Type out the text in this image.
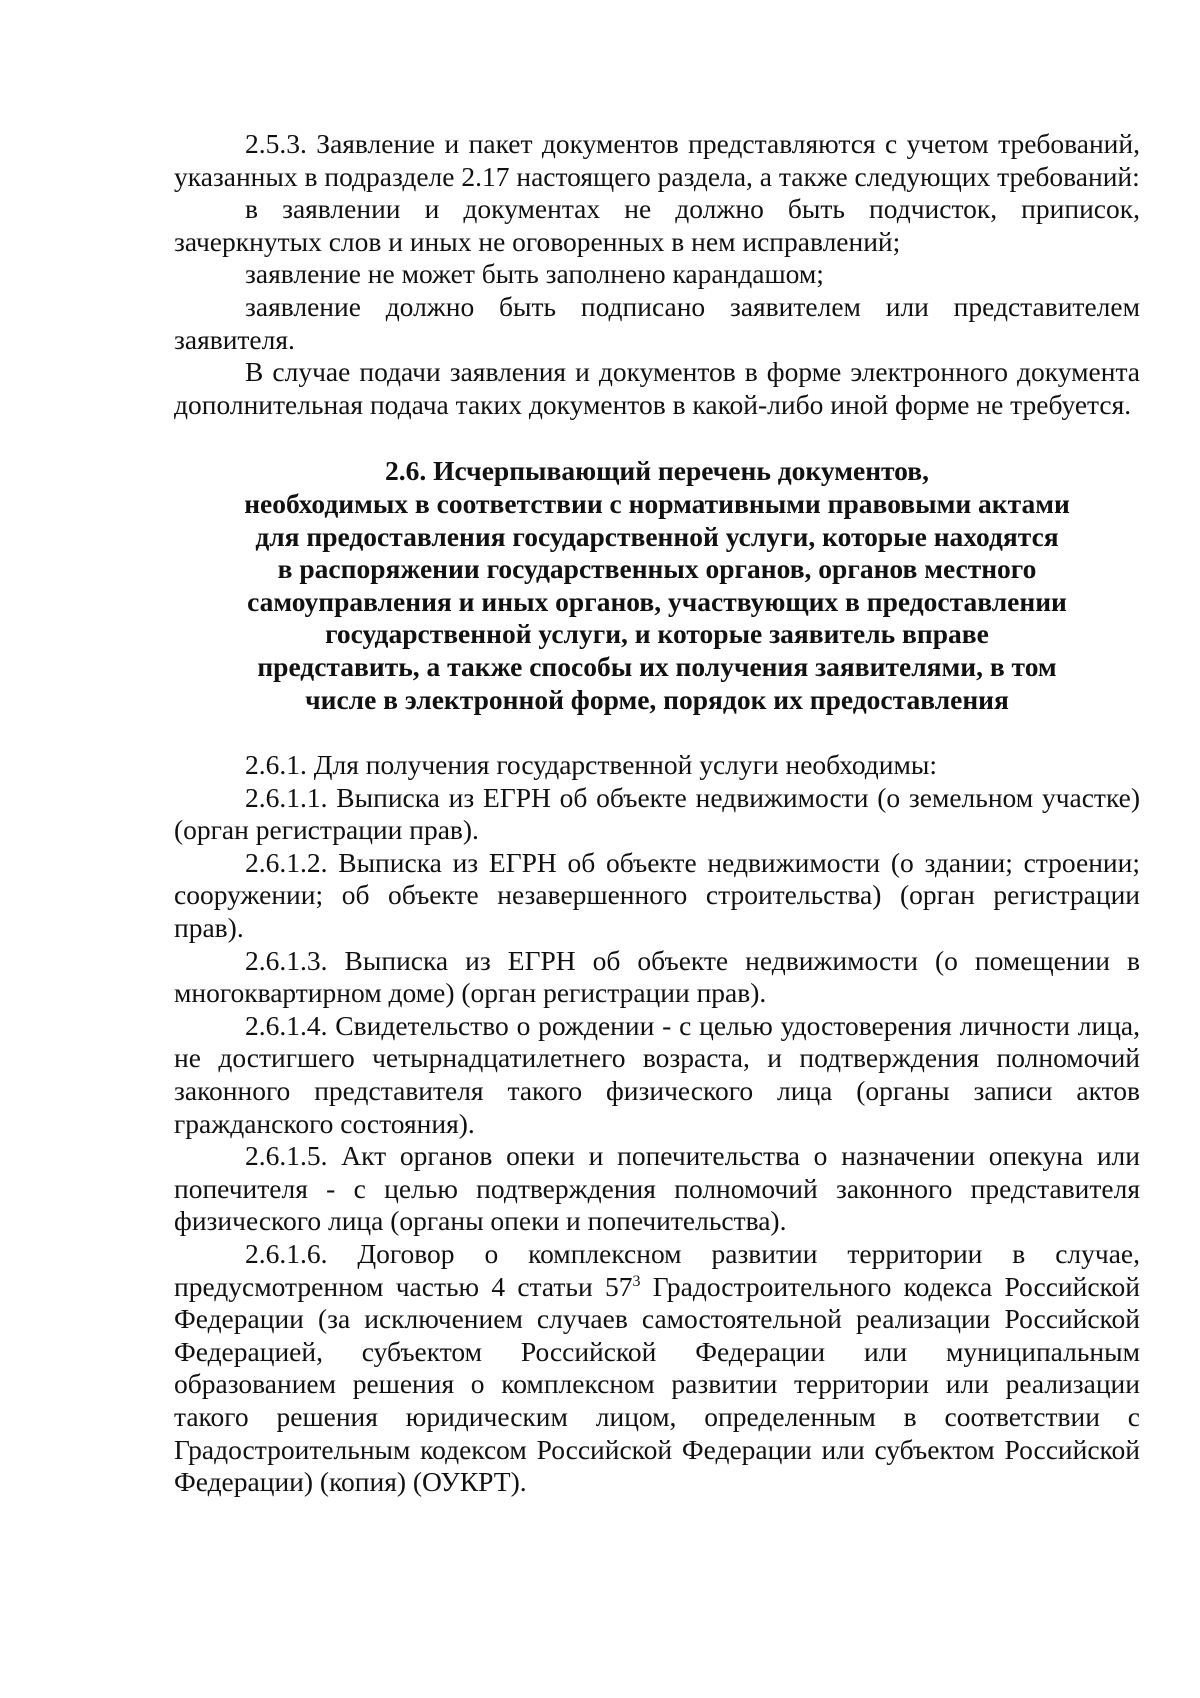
2.5.3. Заявление и пакет документов представляются с учетом требований, указанных в подразделе 2.17 настоящего раздела, а также следующих требований:

в заявлении и документах не должно быть подчисток, приписок, зачеркнутых слов и иных не оговоренных в нем исправлений;

заявление не может быть заполнено карандашом;

заявление должно быть подписано заявителем или представителем заявителя.

В случае подачи заявления и документов в форме электронного документа дополнительная подача таких документов в какой-либо иной форме не требуется.

2.6. Исчерпывающий перечень документов,
необходимых в соответствии с нормативными правовыми актами
для предоставления государственной услуги, которые находятся
в распоряжении государственных органов, органов местного
самоуправления и иных органов, участвующих в предоставлении
государственной услуги, и которые заявитель вправе
представить, а также способы их получения заявителями, в том
числе в электронной форме, порядок их предоставления

2.6.1. Для получения государственной услуги необходимы:

2.6.1.1. Выписка из ЕГРН об объекте недвижимости (о земельном участке) (орган регистрации прав).

2.6.1.2. Выписка из ЕГРН об объекте недвижимости (о здании; строении; сооружении; об объекте незавершенного строительства) (орган регистрации прав).

2.6.1.3. Выписка из ЕГРН об объекте недвижимости (о помещении в многоквартирном доме) (орган регистрации прав).

2.6.1.4. Свидетельство о рождении - с целью удостоверения личности лица, не достигшего четырнадцатилетнего возраста, и подтверждения полномочий законного представителя такого физического лица (органы записи актов гражданского состояния).

2.6.1.5. Акт органов опеки и попечительства о назначении опекуна или попечителя - с целью подтверждения полномочий законного представителя физического лица (органы опеки и попечительства).

2.6.1.6. Договор о комплексном развитии территории в случае, предусмотренном частью 4 статьи $57^3$ Градостроительного кодекса Российской Федерации (за исключением случаев самостоятельной реализации Российской Федерацией, субъектом Российской Федерации или муниципальным образованием решения о комплексном развитии территории или реализации такого решения юридическим лицом, определенным в соответствии с Градостроительным кодексом Российской Федерации или субъектом Российской Федерации) (копия) (ОУКРТ).
